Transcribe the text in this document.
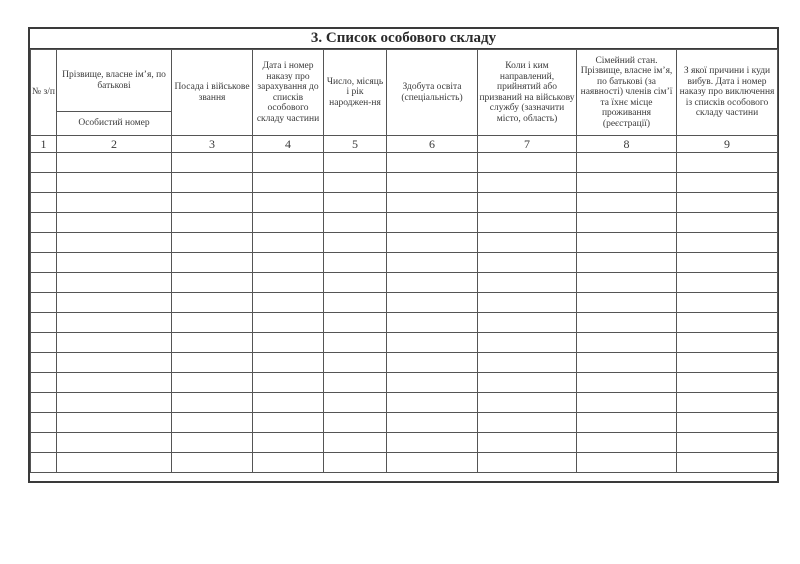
3. Список особового складу
№ з/п	Прізвище, власне ім’я, по батькові	Посада і військове звання	Дата і номер наказу про зарахування до списків особового складу частини	Число, місяць і рік народжен-ня	Здобута освіта (спеціальність)	Коли і ким направлений, прийнятий або призваний на військову службу (зазначити місто, область)	Сімейний стан. Прізвище, власне ім’я, по батькові (за наявності) членів сім’ї та їхнє місце проживання (реєстрації)	З якої причини і куди вибув. Дата і номер наказу про виключення із списків особового складу частини
	Особистий номер							
1	2	3	4	5	6	7	8	9
